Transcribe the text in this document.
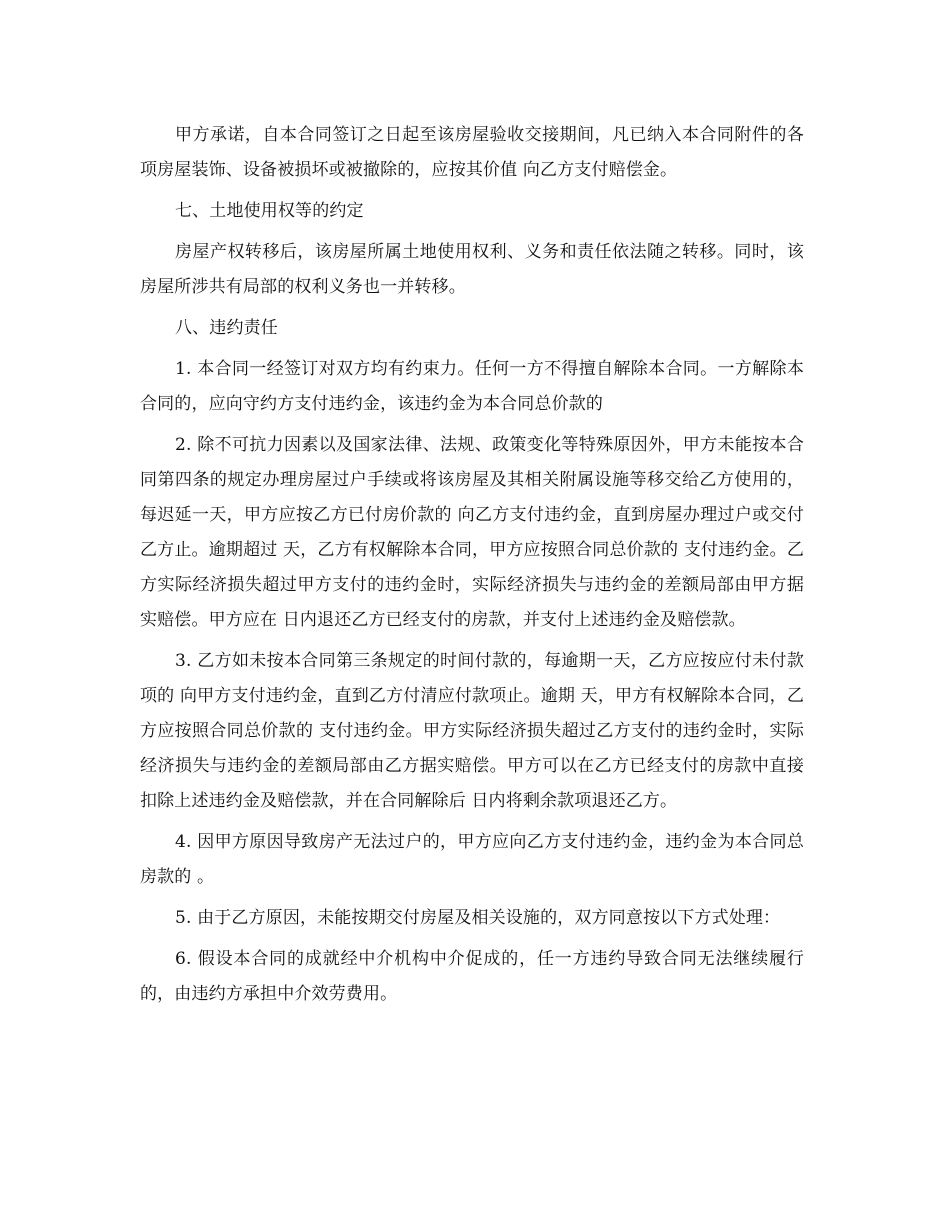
甲方承诺，自本合同签订之日起至该房屋验收交接期间，凡已纳入本合同附件的各项房屋装饰、设备被损坏或被撤除的，应按其价值 向乙方支付赔偿金。

七、土地使用权等的约定

房屋产权转移后，该房屋所属土地使用权利、义务和责任依法随之转移。同时，该房屋所涉共有局部的权利义务也一并转移。

八、违约责任

1. 本合同一经签订对双方均有约束力。任何一方不得擅自解除本合同。一方解除本合同的，应向守约方支付违约金，该违约金为本合同总价款的

2. 除不可抗力因素以及国家法律、法规、政策变化等特殊原因外，甲方未能按本合同第四条的规定办理房屋过户手续或将该房屋及其相关附属设施等移交给乙方使用的，每迟延一天，甲方应按乙方已付房价款的 向乙方支付违约金，直到房屋办理过户或交付乙方止。逾期超过 天，乙方有权解除本合同，甲方应按照合同总价款的 支付违约金。乙方实际经济损失超过甲方支付的违约金时，实际经济损失与违约金的差额局部由甲方据实赔偿。甲方应在 日内退还乙方已经支付的房款，并支付上述违约金及赔偿款。

3. 乙方如未按本合同第三条规定的时间付款的，每逾期一天，乙方应按应付未付款项的 向甲方支付违约金，直到乙方付清应付款项止。逾期 天，甲方有权解除本合同，乙方应按照合同总价款的 支付违约金。甲方实际经济损失超过乙方支付的违约金时，实际经济损失与违约金的差额局部由乙方据实赔偿。甲方可以在乙方已经支付的房款中直接扣除上述违约金及赔偿款，并在合同解除后 日内将剩余款项退还乙方。

4. 因甲方原因导致房产无法过户的，甲方应向乙方支付违约金，违约金为本合同总房款的 。

5. 由于乙方原因，未能按期交付房屋及相关设施的，双方同意按以下方式处理：

6. 假设本合同的成就经中介机构中介促成的，任一方违约导致合同无法继续履行的，由违约方承担中介效劳费用。
